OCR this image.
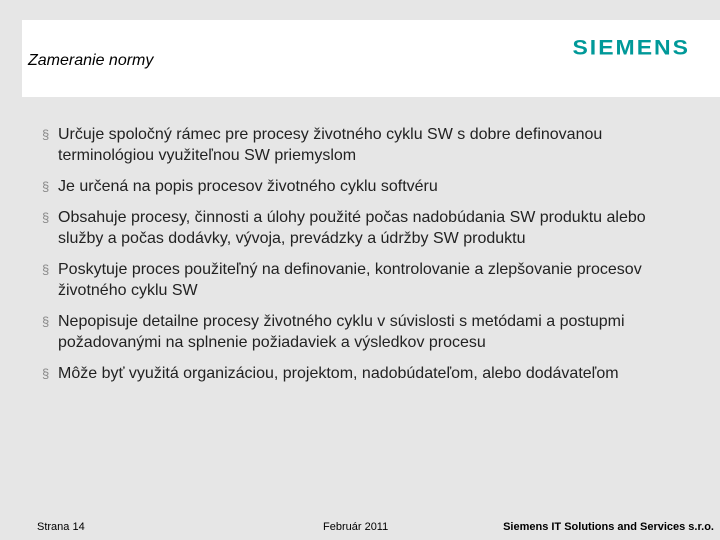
Zameranie normy
SIEMENS
§ Určuje spoločný rámec pre procesy životného cyklu SW s dobre definovanou terminológiou využiteľnou SW priemyslom
§ Je určená na popis procesov životného cyklu softvéru
§ Obsahuje procesy, činnosti a úlohy použité počas nadobúdania SW produktu alebo služby a počas dodávky, vývoja, prevádzky a údržby SW produktu
§ Poskytuje proces použiteľný na definovanie, kontrolovanie a zlepšovanie procesov životného cyklu SW
§ Nepopisuje detailne procesy životného cyklu v súvislosti s metódami a postupmi požadovanými na splnenie požiadaviek a výsledkov procesu
§ Môže byť využitá organizáciou, projektom, nadobúdateľom, alebo dodávateľom
Strana 14	Február 2011	Siemens IT Solutions and Services s.r.o.
